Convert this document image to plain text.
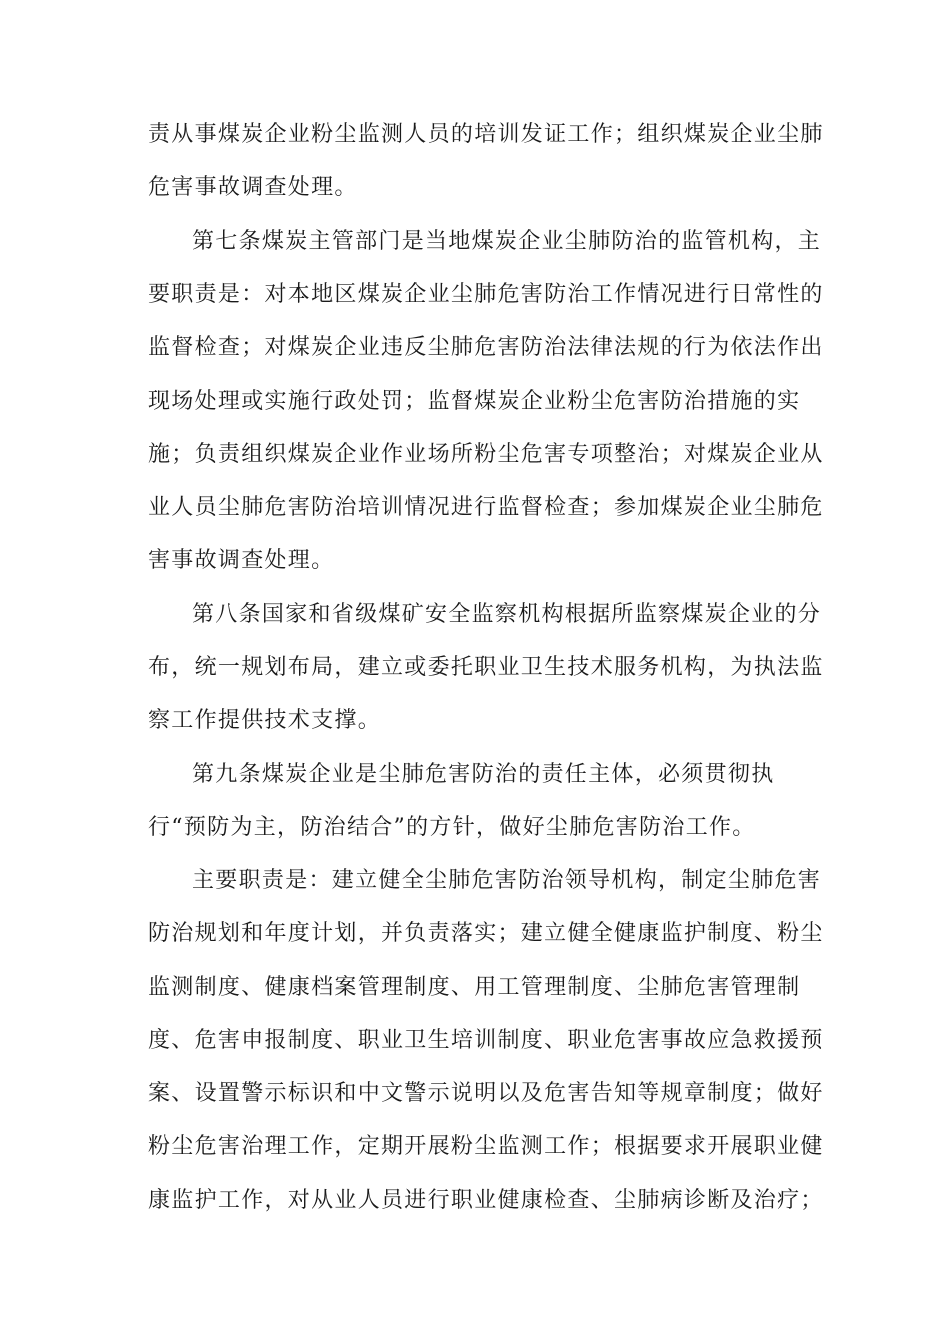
责从事煤炭企业粉尘监测人员的培训发证工作；组织煤炭企业尘肺
危害事故调查处理。
第七条煤炭主管部门是当地煤炭企业尘肺防治的监管机构，主
要职责是：对本地区煤炭企业尘肺危害防治工作情况进行日常性的
监督检查；对煤炭企业违反尘肺危害防治法律法规的行为依法作出
现场处理或实施行政处罚；监督煤炭企业粉尘危害防治措施的实
施；负责组织煤炭企业作业场所粉尘危害专项整治；对煤炭企业从
业人员尘肺危害防治培训情况进行监督检查；参加煤炭企业尘肺危
害事故调查处理。
第八条国家和省级煤矿安全监察机构根据所监察煤炭企业的分
布，统一规划布局，建立或委托职业卫生技术服务机构，为执法监
察工作提供技术支撑。
第九条煤炭企业是尘肺危害防治的责任主体，必须贯彻执
行“预防为主，防治结合”的方针，做好尘肺危害防治工作。
主要职责是：建立健全尘肺危害防治领导机构，制定尘肺危害
防治规划和年度计划，并负责落实；建立健全健康监护制度、粉尘
监测制度、健康档案管理制度、用工管理制度、尘肺危害管理制
度、危害申报制度、职业卫生培训制度、职业危害事故应急救援预
案、设置警示标识和中文警示说明以及危害告知等规章制度；做好
粉尘危害治理工作，定期开展粉尘监测工作；根据要求开展职业健
康监护工作，对从业人员进行职业健康检查、尘肺病诊断及治疗；
